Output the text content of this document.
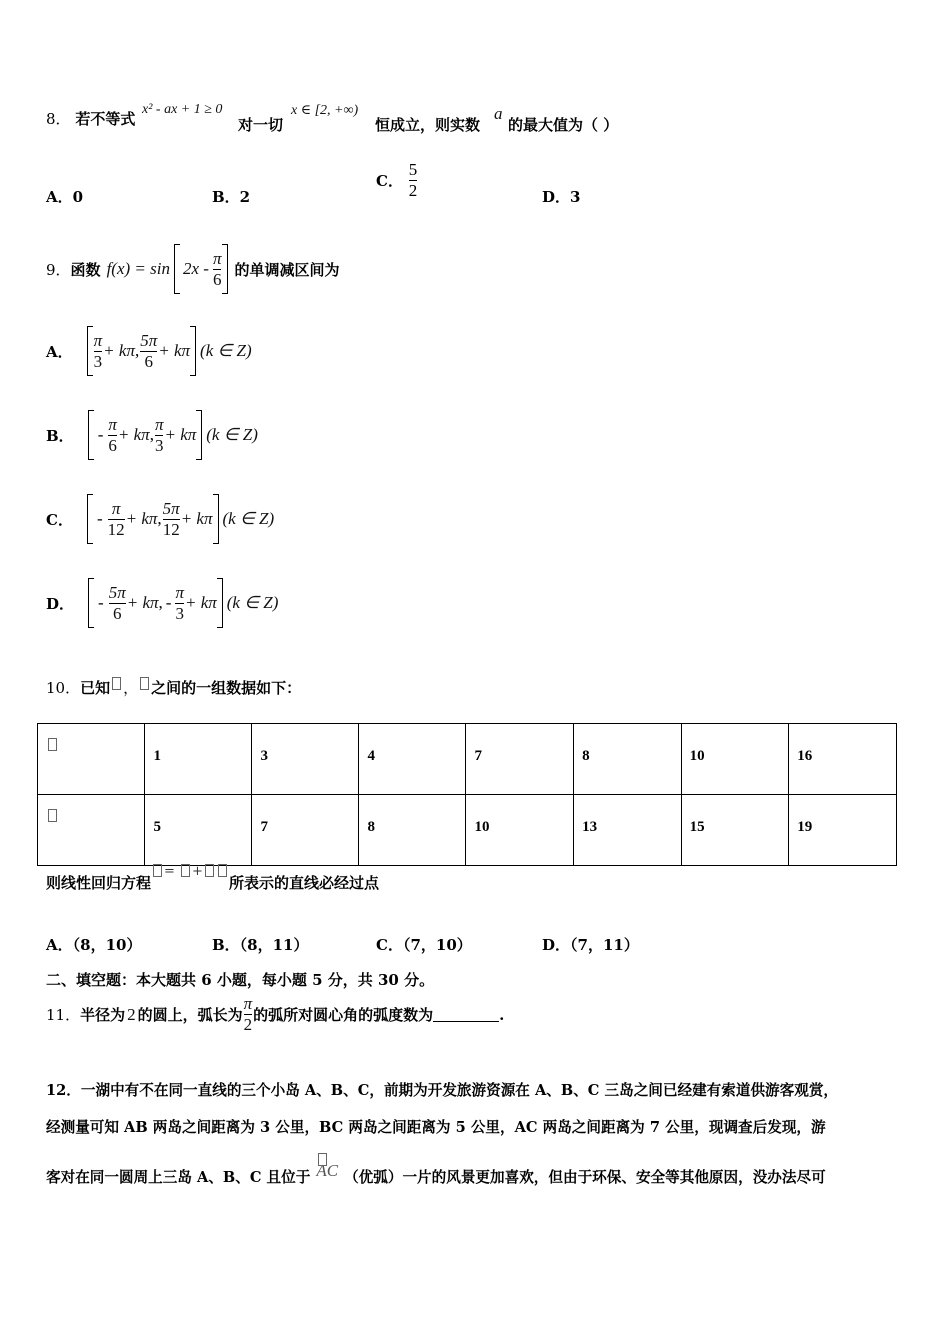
8． 若不等式
x² - ax + 1 ≥ 0
对一切
x ∈ [2, +∞)
恒成立，则实数
a
的最大值为（ ）
A．0	B．2
C． $\frac{5}{2}$	D．3
9． 函数 $f(x) = \sin 2x - \frac{\pi}{6}$ 的单调减区间为
A． $\frac{\pi}{3} + k\pi$ , $\frac{5\pi}{6} + k\pi$ (k ∈ Z)
B． - $\frac{\pi}{6} + k\pi$ , $\frac{\pi}{3} + k\pi$ (k ∈ Z)
C． - $\frac{\pi}{12} + k\pi$ , $\frac{5\pi}{12} + k\pi$ (k ∈ Z)
D． - $\frac{5\pi}{6} + k\pi$ , - $\frac{\pi}{3} + k\pi$ (k ∈ Z)
10．已知 ， 之间的一组数据如下：
	1	3	4	7	8	10	16
	5	7	8	10	13	15	19
则线性回归方程
= +
所表示的直线必经过点
A．（8，10）	B．（8，11）	C．（7，10）	D．（7，11）
二、填空题：本大题共 6 小题，每小题 5 分，共 30 分。
11． 半径为 2 的圆上，弧长为 $\frac{\pi}{2}$ 的弧所对圆心角的弧度数为	.
12．一湖中有不在同一直线的三个小岛 A、B、C，前期为开发旅游资源在 A、B、C 三岛之间已经建有索道供游客观赏，
经测量可知 AB 两岛之间距离为 3 公里，BC 两岛之间距离为 5 公里，AC 两岛之间距离为 7 公里，现调查后发现，游
客对在同一圆周上三岛 A、B、C 且位于 AC （优弧）一片的风景更加喜欢，但由于环保、安全等其他原因，没办法尽可
